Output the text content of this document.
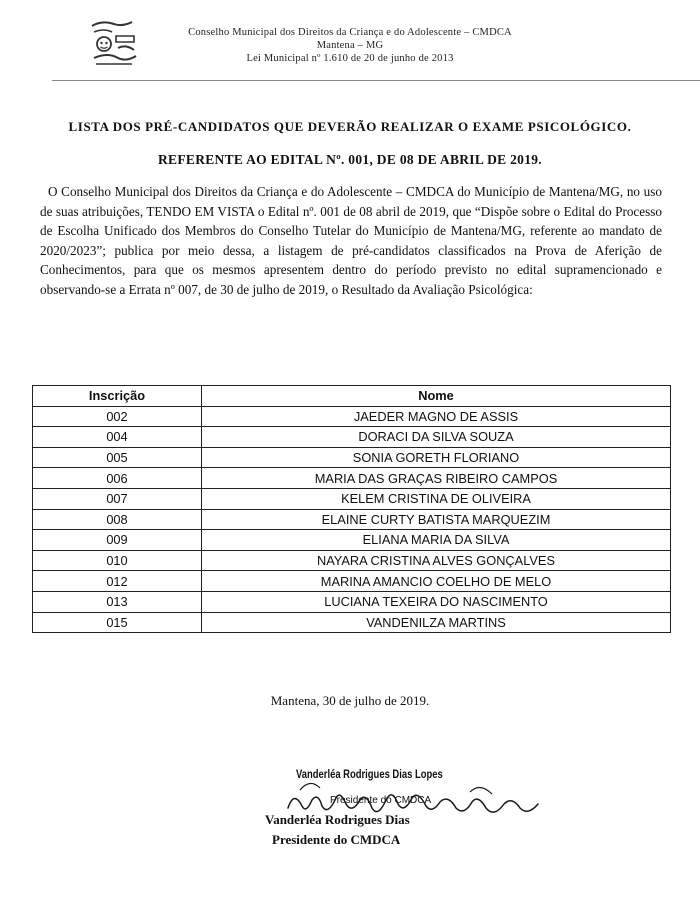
Conselho Municipal dos Direitos da Criança e do Adolescente – CMDCA
Mantena – MG
Lei Municipal nº 1.610 de 20 de junho de 2013
LISTA DOS PRÉ-CANDIDATOS QUE DEVERÃO REALIZAR O EXAME PSICOLÓGICO.
REFERENTE AO EDITAL Nº. 001, DE 08 DE ABRIL DE 2019.
O Conselho Municipal dos Direitos da Criança e do Adolescente – CMDCA do Município de Mantena/MG, no uso de suas atribuições, TENDO EM VISTA o Edital nº. 001 de 08 abril de 2019, que “Dispõe sobre o Edital do Processo de Escolha Unificado dos Membros do Conselho Tutelar do Município de Mantena/MG, referente ao mandato de 2020/2023”; publica por meio dessa, a listagem de pré-candidatos classificados na Prova de Aferição de Conhecimentos, para que os mesmos apresentem dentro do período previsto no edital supramencionado e observando-se a Errata nº 007, de 30 de julho de 2019, o Resultado da Avaliação Psicológica:
Inscrição	Nome
002	JAEDER MAGNO DE ASSIS
004	DORACI DA SILVA SOUZA
005	SONIA GORETH FLORIANO
006	MARIA DAS GRAÇAS RIBEIRO CAMPOS
007	KELEM CRISTINA DE OLIVEIRA
008	ELAINE CURTY BATISTA MARQUEZIM
009	ELIANA MARIA DA SILVA
010	NAYARA CRISTINA ALVES GONÇALVES
012	MARINA AMANCIO COELHO DE MELO
013	LUCIANA TEXEIRA DO NASCIMENTO
015	VANDENILZA MARTINS
Mantena, 30 de julho de 2019.
Vanderléa Rodrigues Dias Lopes
Presidente do CMDCA
Vanderléa Rodrigues Dias
Presidente do CMDCA
